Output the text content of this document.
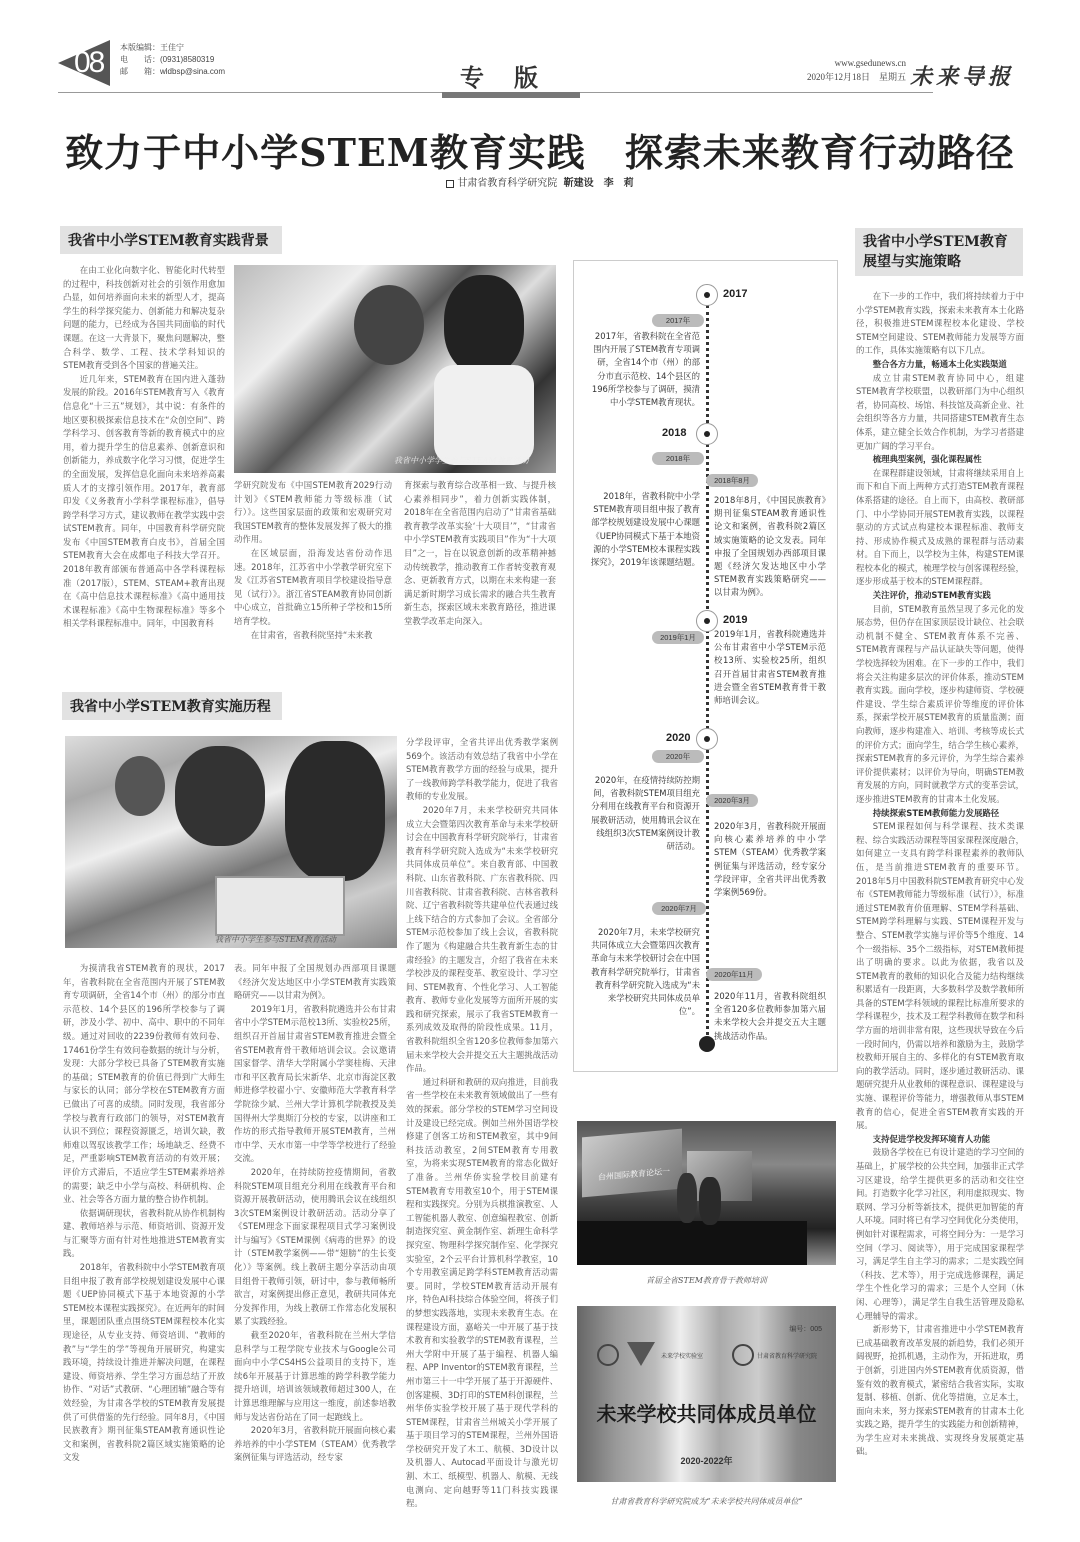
08 本版编辑：王佳宁
电　　话：(0931)8580319
邮　　箱：wldbsp@sina.com	专版	www.gsedunews.cn
2020年12月18日　星期五 未来导报
致力于中小学STEM教育实践　探索未来教育行动路径
甘肃省教育科学研究院 靳建设　李　莉
我省中小学STEM教育实践背景

在由工业化向数字化、智能化时代转型的过程中，科技创新对社会的引领作用愈加凸显，如何培养面向未来的新型人才，提高学生的科学探究能力、创新能力和解决复杂问题的能力，已经成为各国共同面临的时代课题。在这一大背景下，聚焦问题解决，整合科学、数学、工程、技术学科知识的STEM教育受到各个国家的普遍关注。

近几年来，STEM教育在国内进入蓬勃发展的阶段。2016年STEM教育写入《教育信息化“十三五”规划》，其中说：有条件的地区要积极探索信息技术在“众创空间”、跨学科学习、创客教育等新的教育模式中的应用，着力提升学生的信息素养、创新意识和创新能力，养成数字化学习习惯，促进学生的全面发展，发挥信息化面向未来培养高素质人才的支撑引领作用。2017年，教育部印发《义务教育小学科学课程标准》，倡导跨学科学习方式，建议教师在教学实践中尝试STEM教育。同年，中国教育科学研究院发布《中国STEM教育白皮书》，首届全国STEM教育大会在成都电子科技大学召开。2018年教育部颁布普通高中各学科课程标准（2017版），STEM、STEAM+教育出现在《高中信息技术课程标准》《高中通用技术课程标准》《高中生物课程标准》等多个相关学科课程标准中。同年，中国教育科

我省中小学学生参与STEAM教育活动

学研究院发布《中国STEM教育2029行动计划》《STEM教师能力等级标准（试行）》。这些国家层面的政策和宏观研究对我国STEM教育的整体发展发挥了极大的推动作用。

在区域层面，沿海发达省份动作迅速。2018年，江苏省中小学教学研究室下发《江苏省STEM教育项目学校建设指导意见（试行）》。浙江省STEAM教育协同创新中心成立，首批确立15所种子学校和15所培育学校。

在甘肃省，省教科院坚持“未来教

育探索与教育综合改革相一致、与提升核心素养相同步”，着力创新实践体制，2018年在全省范围内启动了“甘肃省基础教育教学改革实验‘十大项目’”，“甘肃省中小学STEM教育实践项目”作为“十大项目”之一，旨在以锐意创新的改革精神撼动传统教学，推动教育工作者转变教育观念、更新教育方式，以期在未来构建一套满足新时期学习成长需求的融合共生教育新生态，探索区域未来教育路径，推进课堂教学改革走向深入。

我省中小学STEM教育实施历程
我省中小学生参与STEM教育活动

为摸清我省STEM教育的现状，2017年，省教科院在全省范围内开展了STEM教育专项调研，全省14个市（州）的部分市直示范校、14个县区的196所学校参与了调研，涉及小学、初中、高中、职中的不同年级。通过对回收的2239份教师有效问卷、17461份学生有效问卷数据的统计与分析，发现：大部分学校已具备了STEM教育实施的基础；STEM教育的价值已得到广大师生与家长的认同；部分学校在STEM教育方面已做出了可喜的成绩。同时发现，我省部分学校与教育行政部门的领导，对STEM教育认识不到位；课程资源匮乏，培训欠缺，教师难以驾驭该教学工作；场地缺乏、经费不足，严重影响STEM教育活动的有效开展；评价方式滞后，不适应学生STEM素养培养的需要；缺乏中小学与高校、科研机构、企业、社会等各方面力量的整合协作机制。

依据调研现状，省教科院从协作机制构建、教师培养与示范、师资培训、资源开发与汇聚等方面有针对性地推进STEM教育实践。

2018年，省教科院中小学STEM教育项目组申报了教育部学校规划建设发展中心课题《UEP协同模式下基于本地资源的小学STEM校本课程实践探究》。在近两年的时间里，课题团队重点围绕STEM课程校本化实现途径，从专业支持、师资培训、“教师的教”与“学生的学”等视角开展研究，构建实践环境，持续设计推进并解决问题，在课程建设、师资培养、学生学习方面总结了开放协作、“对话”式教研、“心理团辅”融合等有效经验，为甘肃各学校的STEM教育发展提供了可供借鉴的先行经验。同年8月，《中国民族教育》期刊征集STEAM教育通识性论文和案例，省教科院2篇区域实施策略的论文发

表。同年申报了全国规划办西部项目课题《经济欠发达地区中小学STEM教育实践策略研究——以甘肃为例》。

2019年1月，省教科院遴选并公布甘肃省中小学STEM示范校13所、实验校25所，组织召开首届甘肃省STEM教育推进会暨全省STEM教育骨干教师培训会议。会议邀请国家督学、清华大学附属小学窦桂梅、天津市和平区教育局长宋新华、北京市海淀区教师进修学校翟小宁、安徽师范大学教育科学学院徐少斌、兰州大学计算机学院教授及美国得州大学奥斯汀分校的专家，以讲座和工作坊的形式指导教师开展STEM教育，兰州市中学、天水市第一中学等学校进行了经验交流。

2020年，在持续防控疫情期间，省教科院STEM项目组充分利用在线教育平台和资源开展教研活动，使用腾讯会议在线组织3次STEM案例设计教研活动。活动分享了《STEM理念下面家课程项目式学习案例设计与编写》《STEM课例《病毒的世界》的设计（STEM教学案例——带“翅膀”的生长变化）》等案例。线上教研主题分享活动由项目组骨干教师引领，研讨中，参与教师畅所欲言，对案例提出修正意见，教研共同体充分发挥作用，为线上教研工作常态化发展积累了实践经验。

截至2020年，省教科院在兰州大学信息科学与工程学院专业技术与Google公司面向中小学CS4HS公益项目的支持下，连续6年开展基于计算思维的跨学科教学能力提升培训，培训该领域教师超过300人，在计算思维理解与应用这一维度，前述参培教师与发达省份站在了同一起跑线上。

2020年3月，省教科院开展面向核心素养培养的中小学STEM（STEAM）优秀教学案例征集与评选活动，经专家

分学段评审，全省共评出优秀教学案例569个。该活动有效总结了我省中小学在STEM教育教学方面的经验与成果，提升了一线教师跨学科教学能力，促进了我省教师的专业发展。

2020年7月，未来学校研究共同体成立大会暨第四次教育革命与未来学校研讨会在中国教育科学研究院举行，甘肃省教育科学研究院入选成为“未来学校研究共同体成员单位”。来自教育部、中国教科院、山东省教科院、广东省教科院、四川省教科院、甘肃省教科院、吉林省教科院、辽宁省教科院等共建单位代表通过线上线下结合的方式参加了会议。全省部分STEM示范校参加了线上会议，省教科院作了题为《构建融合共生教育新生态的甘肃经验》的主题发言，介绍了我省在未来学校涉及的课程变革、教室设计、学习空间、STEM教育、个性化学习、人工智能教育、教师专业化发展等方面所开展的实践和研究探索，展示了我省STEM教育一系列成效及取得的阶段性成果。11月，省教科院组织全省120多位教师参加第六届未来学校大会并提交五大主题挑战活动作品。

通过科研和教研的双向推进，目前我省一些学校在未来教育领域做出了一些有效的探索。部分学校的STEM学习空间设计及建设已经完成。例如兰州外国语学校修建了创客工坊和STEM教室，其中9间科技活动教室，2间STEM教育专用教室，为将来实现STEM教育的常态化做好了准备。兰州华侨实验学校目前建有STEM教育专用教室10个，用于STEM课程和实践探究。分别为兵棋推演教室、人工智能机器人教室、创意编程教室、创新制造探究室、黄金制作室、新理生命科学探究室、物理科学探究制作室、化学探究实验室，2个云平台计算机科学教室，10个专用教室满足跨学科STEM教育活动需要。同时，学校STEM教育活动开展有序，特色AI科技综合体验空间，将孩子们的梦想实践落地，实现未来教育生态。在课程建设方面，嘉峪关一中开展了基于技术教育和实验教学的STEM教育课程，兰州大学附中开展了基于编程、机器人编程、APP Inventor的STEM教育课程，兰州市第三十一中学开展了基于开源硬件、创客建模、3D打印的STEM科创课程，兰州华侨实验学校开展了基于现代学科的STEM课程，甘肃省兰州城关小学开展了基于项目学习的STEM课程，兰州外国语学校研究开发了木工、航模、3D设计以及机器人、Autocad平面设计与激光切割、木工、纸模型、机器人、航模、无线电测向、定向越野等11门科技实践课程。

2017
2017年
2017年，省教科院在全省范围内开展了STEM教育专项调研，全省14个市（州）的部分市直示范校、14个县区的196所学校参与了调研，摸清中小学STEM教育现状。
2018
2018年
2018年，省教科院中小学STEM教育项目组申报了教育部学校规划建设发展中心课题《UEP协同模式下基于本地资源的小学STEM校本课程实践探究》，2019年该课题结题。
2018年8月
2018年8月，《中国民族教育》期刊征集STEAM教育通识性论文和案例，省教科院2篇区域实施策略的论文发表。同年申报了全国规划办西部项目课题《经济欠发达地区中小学STEM教育实践策略研究——以甘肃为例》。
2019
2019年1月	2019年1月，省教科院遴选并公布甘肃省中小学STEM示范校13所、实验校25所，组织召开首届甘肃省STEM教育推进会暨全省STEM教育骨干教师培训会议。
2020
2020年
2020年，在疫情持续防控期间，省教科院STEM项目组充分利用在线教育平台和资源开展教研活动，使用腾讯会议在线组织3次STEM案例设计教研活动。
2020年3月
2020年3月，省教科院开展面向核心素养培养的中小学STEM（STEAM）优秀教学案例征集与评选活动，经专家分学段评审，全省共评出优秀教学案例569份。
2020年7月
2020年7月，未来学校研究共同体成立大会暨第四次教育革命与未来学校研讨会在中国教育科学研究院举行，甘肃省教育科学研究院入选成为“未来学校研究共同体成员单位”。
2020年11月
2020年11月，省教科院组织全省120多位教师参加第六届未来学校大会并提交五大主题挑战活动作品。
台州国际教育论坛一
首届全省STEM教育骨干教师培训
编号：005
未来学校实验室	甘肃省教育科学研究院
未来学校共同体成员单位
2020-2022年
甘肃省教育科学研究院成为“未来学校共同体成员单位”
我省中小学STEM教育展望与实施策略

在下一步的工作中，我们将持续着力于中小学STEM教育实践，探索未来教育本土化路径，积极推进STEM课程校本化建设、学校STEM空间建设、STEM教师能力发展等方面的工作，具体实施策略有以下几点。

整合各方力量，畅通本土化实践渠道

成立甘肃STEM教育协同中心，组建STEM教育学校联盟，以教研部门为中心组织者，协同高校、场馆、科技馆及高新企业、社会组织等各方力量，共同搭建STEM教育生态体系，建立健全长效合作机制，为学习者搭建更加广阔的学习平台。

梳理典型案例，强化课程属性

在课程群建设领域，甘肃将继续采用自上而下和自下而上两种方式打造STEM教育课程体系搭建的途径。自上而下，由高校、教研部门、中小学协同开展STEM教育实践，以课程驱动的方式试点构建校本课程标准、教师支持、形成协作模式及成熟的课程群与活动素材。自下而上，以学校为主体，构建STEM课程校本化的模式，梳理学校与创客课程经验，逐步形成基于校本的STEM课程群。

关注评价，推动STEM教育实践

目前，STEM教育虽然呈现了多元化的发展态势，但仍存在国家顶层设计缺位、社会联动机制不健全、STEM教育体系不完善、STEM教育课程与产品认证缺失等问题，使得学校选择较为困难。在下一步的工作中，我们将会关注构建多层次的评价体系，推动STEM教育实践。面向学校，逐步构建师资、学校硬件建设、学生综合素质评价等维度的评价体系，探索学校开展STEM教育的质量监测；面向教师，逐步构建准入、培训、考核等成长式的评价方式；面向学生，结合学生核心素养，探索STEM教育的多元评价，为学生综合素养评价提供素材；以评价为导向，明确STEM教育发展的方向，同时就教学方式的变革尝试，逐步推进STEM教育的甘肃本土化发展。

持续探索STEM教师能力发展路径

STEM课程如何与科学课程、技术类课程、综合实践活动课程等国家课程深度融合，如何建立一支具有跨学科课程素养的教师队伍，是当前推进STEM教育的重要环节。2018年5月中国教科院STEM教育研究中心发布《STEM教师能力等级标准（试行）》，标准通过STEM教育价值理解、STEM学科基础、STEM跨学科理解与实践、STEM课程开发与整合、STEM教学实施与评价等5个维度、14个一级指标、35个二级指标，对STEM教师提出了明确的要求。以此为依据，我省以及STEM教育的教师的知识化合及能力结构继续积累适有一段距离，大多数科学及数学教师所具备的STEM学科领域的课程比标准所要求的学科课程少，技术及工程学科教师在数学和科学方面的培训非常有限，这些现状导致在今后一段时间内，仍需以培养和激励为主，鼓励学校教师开展自主的、多样化的有STEM教育取向的教学活动。同时，逐步通过教研活动、课题研究提升从业教师的课程意识、课程建设与实施、课程评价等能力，增强教师从事STEM教育的信心，促进全省STEM教育实践的开展。

支持促进学校发挥环境育人功能

鼓励各学校在已有设计建造的学习空间的基础上，扩展学校的公共空间，加强非正式学习区建设，给学生提供更多的活动和交往空间。打造数字化学习社区，利用虚拟现实、物联网、学习分析等新技术，提供更加智能的育人环境。同时将已有学习空间优化分类使用，例如针对课程需求，可将空间分为：一是学习空间（学习、阅读等），用于完成国家课程学习，满足学生自主学习的需求；二是实践空间（科技、艺术等），用于完成选修课程，满足学生个性化学习的需求；三是个人空间（休闲、心理等），满足学生自我生活管理及隐私心理辅导的需求。

新形势下，甘肃省推进中小学STEM教育已成基础教育改革发展的新趋势，我们必须开阔视野，抢抓机遇，主动作为，开拓进取，勇于创新，引进国内外STEM教育优质资源，借鉴有效的教育模式，紧密结合我省实际，实取复制、移植、创新、优化等措施，立足本土，面向未来，努力探索STEM教育的甘肃本土化实践之路，提升学生的实践能力和创新精神，为学生应对未来挑战、实现终身发展奠定基础。
